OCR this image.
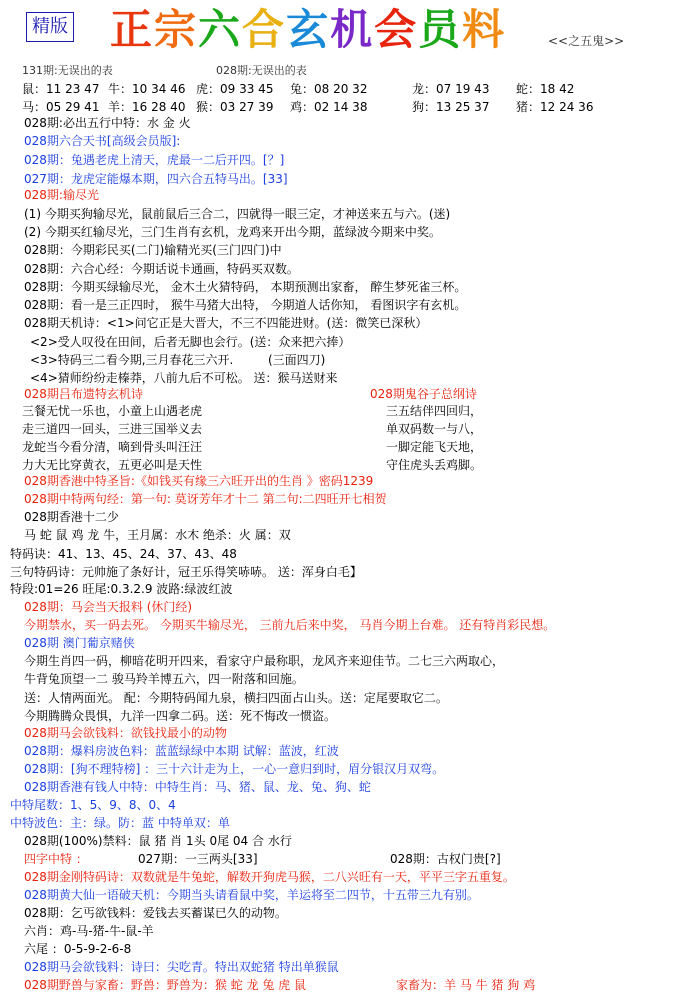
精版 正宗六合玄机会员料	<<之五鬼>>
131期:无误出的表	028期:无误出的表
鼠：11 23 47 牛：10 34 46 虎：09 33 45 兔：08 20 32	龙：07 19 43 蛇：18 42
马：05 29 41 羊：16 28 40 猴：03 27 39 鸡：02 14 38	狗：13 25 37 猪：12 24 36
028期:必出五行中特：水 金 火
028期六合天书[高级会员版]:
028期：兔遇老虎上清天，虎最一二后开四。[？]
027期：龙虎定能爆本期，四六合五特马出。[33]
028期:输尽光
(1) 今期买狗输尽光，鼠前鼠后三合二，四就得一眼三定，才神送来五与六。(迷)
(2) 今期买红输尽光，三门生肖有玄机，龙鸡来开出今期，蓝绿波今期来中奖。
028期：今期彩民买(二门)输精光买(三门四门)中
028期：六合心经：今期话说卡通画，特码买双数。
028期：今期买绿输尽光， 金木土火猜特码， 本期预测出家畜， 醉生梦死雀三杯。
028期：看一是三正四时， 猴牛马猪大出特， 今期道人话你知， 看图识字有玄机。
028期天机诗：<1>问它正是大晋大，不三不四能进财。(送：微笑已深秋）
<2>受人叹役在田间，后者无脚也会行。(送：众来把六捧）
<3>特码三二看今期,三月春花三六开.	(三面四刀)
<4>猜师纷纷走榛莽，八前九后不可松。 送：猴马送财来
028期吕布遗特玄机诗	028期鬼谷子总纲诗
三餐无忧一乐也，小童上山遇老虎
走三道四一回头，三进三国举义去
龙蛇当今看分清，嘀到骨头叫汪汪
力大无比穿黄衣，五更必叫是天性
三五结伴四回归，
单双码数一与八，
一脚定能飞天地，
守住虎头丢鸡脚。
028期香港中特圣旨:《如钱买有缘三六旺开出的生肖 》密码1239
028期中特两句经：第一句: 莫讶芳年才十二 第二句:二四旺开七相贺
028期香港十二少
马 蛇 鼠 鸡 龙 牛，王月属：水木 绝杀：火 属：双
特码诀：41、13、45、24、37、43、48
三句特码诗：元帅施了条好计，冠王乐得笑哧哧。 送：浑身白毛】
特段:01=26 旺尾:0.3.2.9 波路:绿波红波
028期：马会当天报料 (休门经)
今期禁水，买一码去死。 今期买牛输尽光， 三前九后来中奖， 马肖今期上台难。 还有特肖彩民想。
028期 澳门葡京赌侠
今期生肖四一码，柳暗花明开四来，看家守户最称职，龙风齐来迎佳节。二七三六两取心，
牛背兔顶望一二 骏马羚羊博五六，四一附落和回施。
送：人情两面光。 配：今期特码闻九泉，横扫四面占山头。送：定尾要取它二。
今期腾腾众畏惧，九洋一四拿二码。送：死不悔改一惯盗。
028期马会欲钱料：欲钱找最小的动物
028期：爆料房波色料：蓝蓝绿绿中本期 试解：蓝波，红波
028期：[狗不理特榜] ：三十六计走为上，一心一意归到时，眉分银汉月双弯。
028期香港有钱人中特：中特生肖：马、猪、鼠、龙、兔、狗、蛇
中特尾数：1、5、9、8、0、4
中特波色：主：绿。防：蓝 中特单双：单
028期(100%)禁料：鼠 猪 肖 1头 0尾 04 合 水行
四字中特 ：	027期：一三两头[33]	028期：古权门贵[?]
028期金刚特码诗：双数就是牛兔蛇，解数开狗虎马猴，二八兴旺有一天，平平三字五重复。
028期黄大仙一语破天机：今期当头请看鼠中奖，羊运将至二四节，十五带三九有别。
028期：乞丐欲钱料：爱钱去买蓄谋已久的动物。
六肖：鸡-马-猪-牛-鼠-羊
六尾 ：0-5-9-2-6-8
028期马会欲钱料：诗曰：尖吃青。特出双蛇猪 特出单猴鼠
028期野兽与家畜：野兽：野兽为：猴 蛇 龙 兔 虎 鼠	家畜为：羊 马 牛 猪 狗 鸡
